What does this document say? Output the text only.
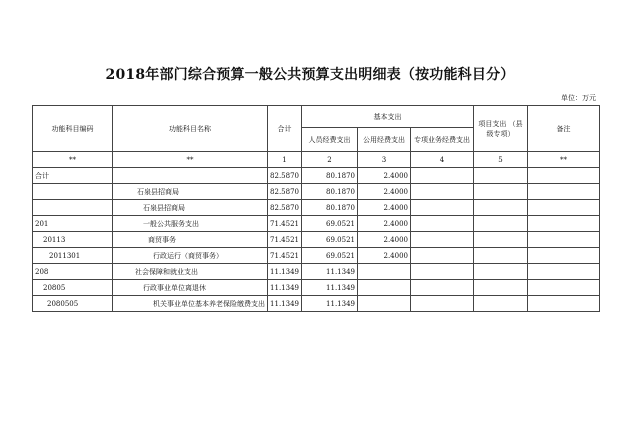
2018年部门综合预算一般公共预算支出明细表（按功能科目分）
单位：万元
功能科目编码	功能科目名称	合计	基本支出			项目支出 （县级专项）	备注
			人员经费支出	公用经费支出	专项业务经费支出		
**	**	1	2	3	4	5	**
合计		82.5870	80.1870	2.4000			
	石泉县招商局	82.5870	80.1870	2.4000			
	石泉县招商局	82.5870	80.1870	2.4000			
201	一般公共服务支出	71.4521	69.0521	2.4000			
20113	商贸事务	71.4521	69.0521	2.4000			
2011301	行政运行（商贸事务）	71.4521	69.0521	2.4000			
208	社会保障和就业支出	11.1349	11.1349				
20805	行政事业单位离退休	11.1349	11.1349				
2080505	机关事业单位基本养老保险缴费支出	11.1349	11.1349				
